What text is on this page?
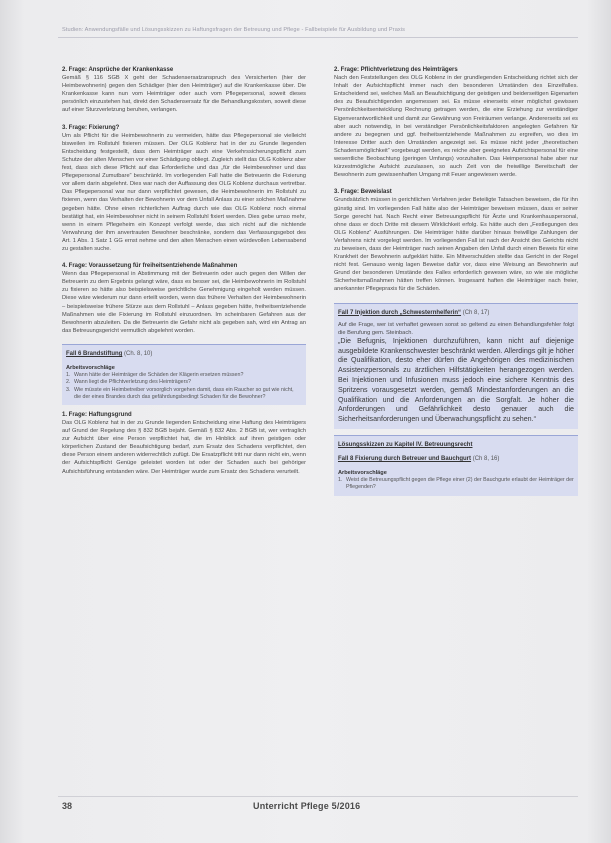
Studien: Anwendungsfälle und Lösungsskizzen zu Haftungsfragen der Betreuung und Pflege - Fallbeispiele für Ausbildung und Praxis
2. Frage: Ansprüche der Krankenkasse

Gemäß § 116 SGB X geht der Schadensersatzanspruch des Versicherten (hier der Heimbewohnerin) gegen den Schädiger (hier den Heimträger) auf die Krankenkasse über. Die Krankenkasse kann nun vom Heimträger oder auch vom Pflegepersonal, soweit dieses persönlich einzustehen hat, direkt den Schadensersatz für die Behandlungskosten, soweit diese auf einer Sturzverletzung beruhen, verlangen.

3. Frage: Fixierung?

Um als Pflicht für die Heimbewohnerin zu vermeiden, hätte das Pflegepersonal sie vielleicht bisweilen im Rollstuhl fixieren müssen. Der OLG Koblenz hat in der zu Grunde liegenden Entscheidung festgestellt, dass dem Heimträger auch eine Verkehrssicherungspflicht zum Schutze der alten Menschen vor einer Schädigung obliegt. Zugleich stellt das OLG Koblenz aber fest, dass sich diese Pflicht auf das Erforderliche und das „für die Heimbewohner und das Pflegepersonal Zumutbare“ beschränkt. Im vorliegenden Fall hatte die Betreuerin die Fixierung vor allem darin abgelehnt. Dies war nach der Auffassung des OLG Koblenz durchaus vertretbar. Das Pflegepersonal war nur dann verpflichtet gewesen, die Heimbewohnerin im Rollstuhl zu fixieren, wenn das Verhalten der Bewohnerin vor dem Unfall Anlass zu einer solchen Maßnahme gegeben hätte. Ohne einen richterlichen Auftrag durch wie das OLG Koblenz noch einmal bestätigt hat, ein Heimbewohner nicht in seinem Rollstuhl fixiert werden. Dies gebe umso mehr, wenn in einem Pflegeheim ein Konzept verfolgt werde, das sich nicht auf die nichtende Verwahrung der ihm anvertrauten Bewohner beschränke, sondern das Verfassungsgebot des Art. 1 Abs. 1 Satz 1 GG ernst nehme und den alten Menschen einen würdevollen Lebensabend zu gestalten suche.

4. Frage: Voraussetzung für freiheitsentziehende Maßnahmen

Wenn das Pflegepersonal in Abstimmung mit der Betreuerin oder auch gegen den Willen der Betreuerin zu dem Ergebnis gelangt wäre, dass es besser sei, die Heimbewohnerin im Rollstuhl zu fixieren so hätte also beispielsweise gerichtliche Genehmigung eingeholt werden müssen. Diese wäre wiederum nur dann erteilt worden, wenn das frühere Verhalten der Heimbewohnerin – beispielsweise frühere Stürze aus dem Rollstuhl – Anlass gegeben hätte, freiheitsentziehende Maßnahmen wie die Fixierung im Rollstuhl einzuordnen. Im scheinbaren Gefahren aus der Bewohnerin abzuleiten. Da die Betreuerin die Gefahr nicht als gegeben sah, wird ein Antrag an das Betreuungsgericht vermutlich abgelehnt worden.

Fall 6 Brandstiftung (Ch. 8, 10)
Arbeitsvorschläge
1. Wann hätte der Heimträger die Schäden der Klägerin ersetzen müssen?
2. Wann liegt die Pflichtverletzung des Heimträgers?
3. Wie müsste ein Heimbetreiber vorsorglich vorgehen damit, dass ein Raucher so gut wie nicht, die der eines Brandes durch das gefährdungsbedingt Schaden für die Bewohner?
1. Frage: Haftungsgrund

Das OLG Koblenz hat in der zu Grunde liegenden Entscheidung eine Haftung des Heimträgers auf Grund der Regelung des § 832 BGB bejaht. Gemäß § 832 Abs. 2 BGB ist, wer vertraglich zur Aufsicht über eine Person verpflichtet hat, die im Hinblick auf ihren geistigen oder körperlichen Zustand der Beaufsichtigung bedarf, zum Ersatz des Schadens verpflichtet, den diese Person einem anderen widerrechtlich zufügt. Die Ersatzpflicht tritt nur dann nicht ein, wenn der Aufsichtspflicht Genüge geleistet worden ist oder der Schaden auch bei gehöriger Aufsichtsführung entstanden wäre. Der Heimträger wurde zum Ersatz des Schadens verurteilt.

2. Frage: Pflichtverletzung des Heimträgers

Nach den Feststellungen des OLG Koblenz in der grundlegenden Entscheidung richtet sich der Inhalt der Aufsichtspflicht immer nach den besonderen Umständen des Einzelfalles. Entscheidend sei, welches Maß an Beaufsichtigung der geistigen und beiderseitigen Eigenarten des zu Beaufsichtigenden angemessen sei. Es müsse einerseits einer möglichst gewissen Persönlichkeitsentwicklung Rechnung getragen werden, die eine Erziehung zur verständiger Eigenverantwortlichkeit und damit zur Gewährung von Freiräumen verlange. Andererseits sei es aber auch notwendig, in bei verständiger Persönlichkeitsfaktoren angelegten Gefahren für andere zu begegnen und ggf. freiheitsentziehende Maßnahmen zu ergreifen, wo dies im Interesse Dritter auch den Umständen angezeigt sei. Es müsse nicht jeder „theoretischen Schadensmöglichkeit“ vorgebeugt werden, es reiche aber geeignetes Aufsichtspersonal für eine wesentliche Beobachtung (geringen Umfangs) vorzuhalten. Das Heimpersonal habe aber nur kürzestmögliche Aufsicht zuzulassen, so auch Zeit von die freiwillige Bereitschaft der Bewohnerin zum gewissenhaften Umgang mit Feuer angewiesen werde.

3. Frage: Beweislast

Grundsätzlich müssen in gerichtlichen Verfahren jeder Beteiligte Tatsachen beweisen, die für ihn günstig sind. Im vorliegenden Fall hätte also der Heimträger beweisen müssen, dass er seiner Sorge gerecht hat. Nach Recht einer Betreuungspflicht für Ärzte und Krankenhauspersonal, ohne dass er doch Dritte mit diesem Wirklichkeit erfolg. Es hätte auch den „Festlegungen des OLG Koblenz“ Ausführungen. Die Heimträger hätte darüber hinaus freiwillige Zahlungen der Verfahrens nicht vorgelegt werden. Im vorliegenden Fall ist nach der Ansicht des Gerichts nicht zu beweisen, dass der Heimträger nach seinen Angaben den Unfall durch einen Beweis für eine Krankheit der Bewohnerin aufgeklärt hätte. Ein Mitverschulden stellte das Gericht in der Regel nicht fest. Genauso wenig lagen Beweise dafür vor, dass eine Weisung an Bewohnerin auf Grund der besonderen Umstände des Falles erforderlich gewesen wäre, so wie sie mögliche Sicherheitsmaßnahmen hätten treffen können. Insgesamt haften die Heimträger nach freier, anerkannter Pflegepraxis für die Schäden.

Fall 7 Injektion durch „Schwesternhelferin“ (Ch 8, 17)

Auf die Frage, wer ist verhaftet gewesen sonst so geltend zu einen Behandlungsfehler folgt die Berufung gem. Steinbach.

„Die Befugnis, Injektionen durchzuführen, kann nicht auf diejenige ausgebildete Krankenschwester beschränkt werden. Allerdings gilt je höher die Qualifikation, desto eher dürfen die Angehörigen des medizinischen Assistenzpersonals zu ärztlichen Hilfstätigkeiten herangezogen werden. Bei Injektionen und Infusionen muss jedoch eine sichere Kenntnis des Spritzens vorausgesetzt werden, gemäß Mindestanforderungen an die Qualifikation und die Anforderungen an die Sorgfalt. Je höher die Anforderungen und Gefährlichkeit desto genauer auch die Sicherheitsanforderungen und Überwachungspflicht zu sehen.“

Lösungsskizzen zu Kapitel IV. Betreuungsrecht Fall 8 Fixierung durch Betreuer und Bauchgurt (Ch 8, 16)
Arbeitsvorschläge
1. Weist die Betreuungspflicht gegen die Pflege einer (2) der Bauchgurte erlaubt der Heimträger der Pflegenden?
38	Unterricht Pflege 5/2016
